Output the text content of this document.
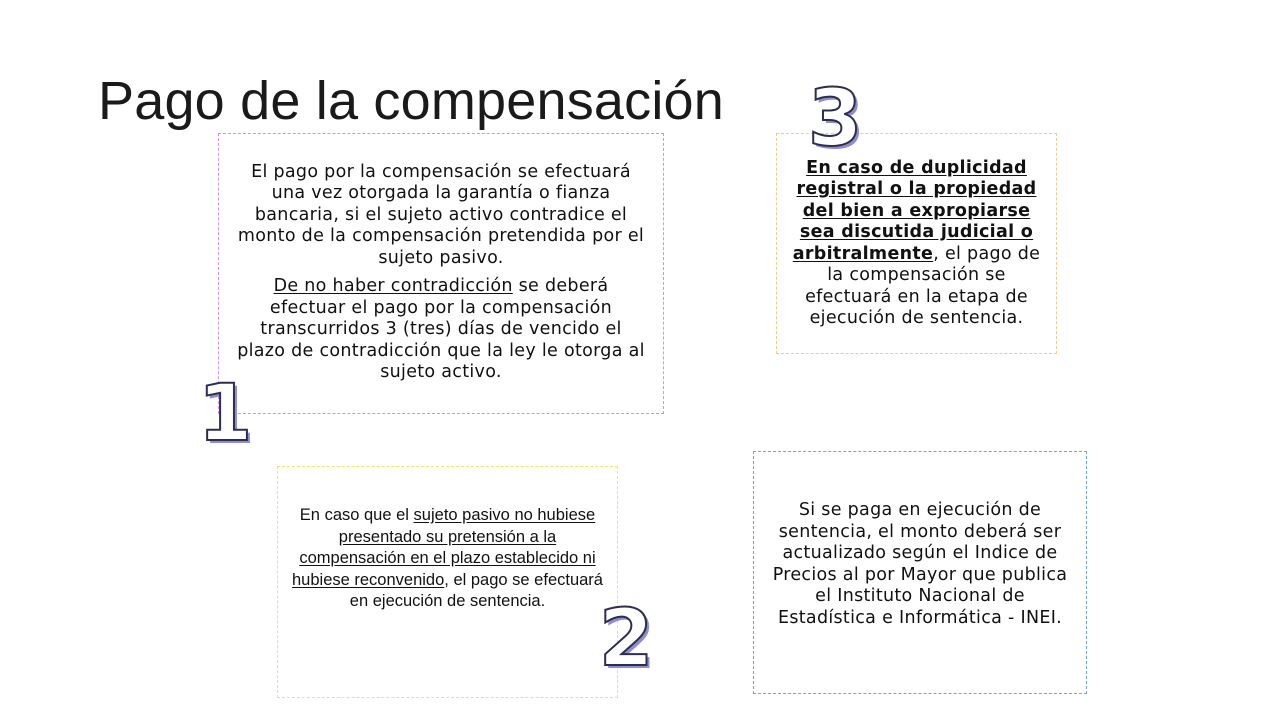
Pago de la compensación

El pago por la compensación se efectuará una vez otorgada la garantía o fianza bancaria, si el sujeto activo contradice el monto de la compensación pretendida por el sujeto pasivo.

De no haber contradicción se deberá efectuar el pago por la compensación transcurridos 3 (tres) días de vencido el plazo de contradicción que la ley le otorga al sujeto activo.

En caso de duplicidad registral o la propiedad del bien a expropiarse sea discutida judicial o arbitralmente, el pago de la compensación se efectuará en la etapa de ejecución de sentencia.

En caso que el sujeto pasivo no hubiese presentado su pretensión a la compensación en el plazo establecido ni hubiese reconvenido, el pago se efectuará en ejecución de sentencia.

Si se paga en ejecución de sentencia, el monto deberá ser actualizado según el Indice de Precios al por Mayor que publica el Instituto Nacional de Estadística e Informática - INEI.

1
2
3
